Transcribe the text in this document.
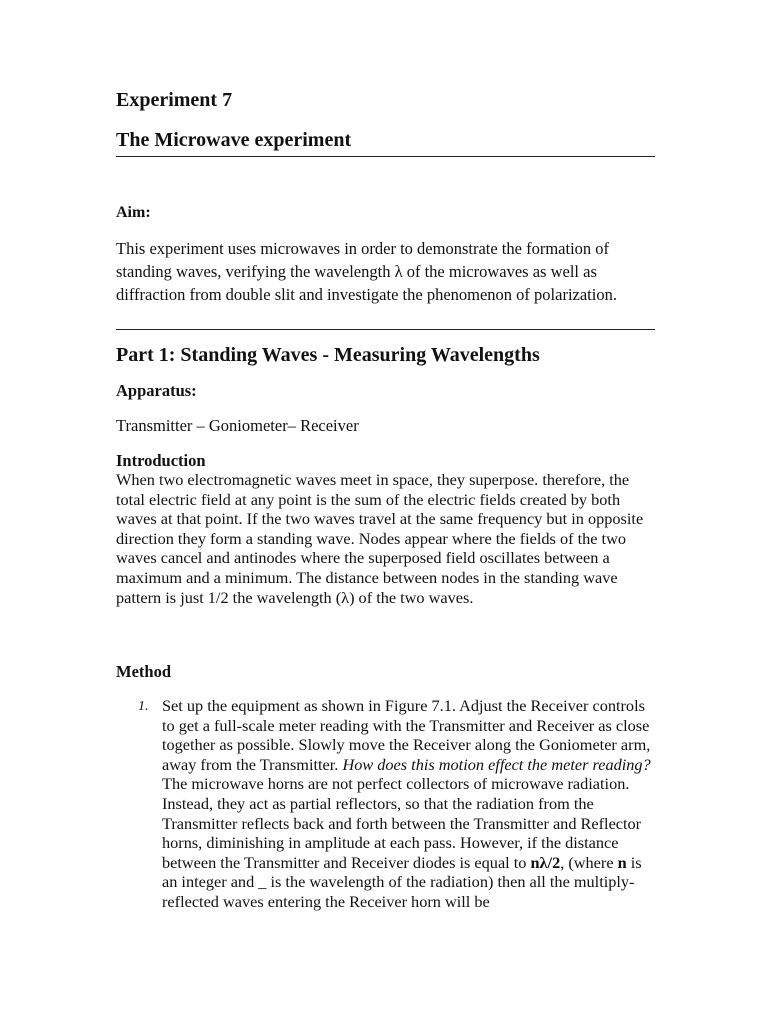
Experiment 7
The Microwave experiment
Aim:

This experiment uses microwaves in order to demonstrate the formation of standing waves, verifying the wavelength λ of the microwaves as well as diffraction from double slit and investigate the phenomenon of polarization.

Part 1: Standing Waves - Measuring Wavelengths
Apparatus:

Transmitter – Goniometer– Receiver

Introduction

When two electromagnetic waves meet in space, they superpose. therefore, the total electric field at any point is the sum of the electric fields created by both waves at that point. If the two waves travel at the same frequency but in opposite direction they form a standing wave. Nodes appear where the fields of the two waves cancel and antinodes where the superposed field oscillates between a maximum and a minimum. The distance between nodes in the standing wave pattern is just 1/2 the wavelength (λ) of the two waves.

Method
1. Set up the equipment as shown in Figure 7.1. Adjust the Receiver controls to get a full-scale meter reading with the Transmitter and Receiver as close together as possible. Slowly move the Receiver along the Goniometer arm, away from the Transmitter. How does this motion effect the meter reading? The microwave horns are not perfect collectors of microwave radiation. Instead, they act as partial reflectors, so that the radiation from the Transmitter reflects back and forth between the Transmitter and Reflector horns, diminishing in amplitude at each pass. However, if the distance between the Transmitter and Receiver diodes is equal to nλ/2, (where n is an integer and _ is the wavelength of the radiation) then all the multiply-reflected waves entering the Receiver horn will be
